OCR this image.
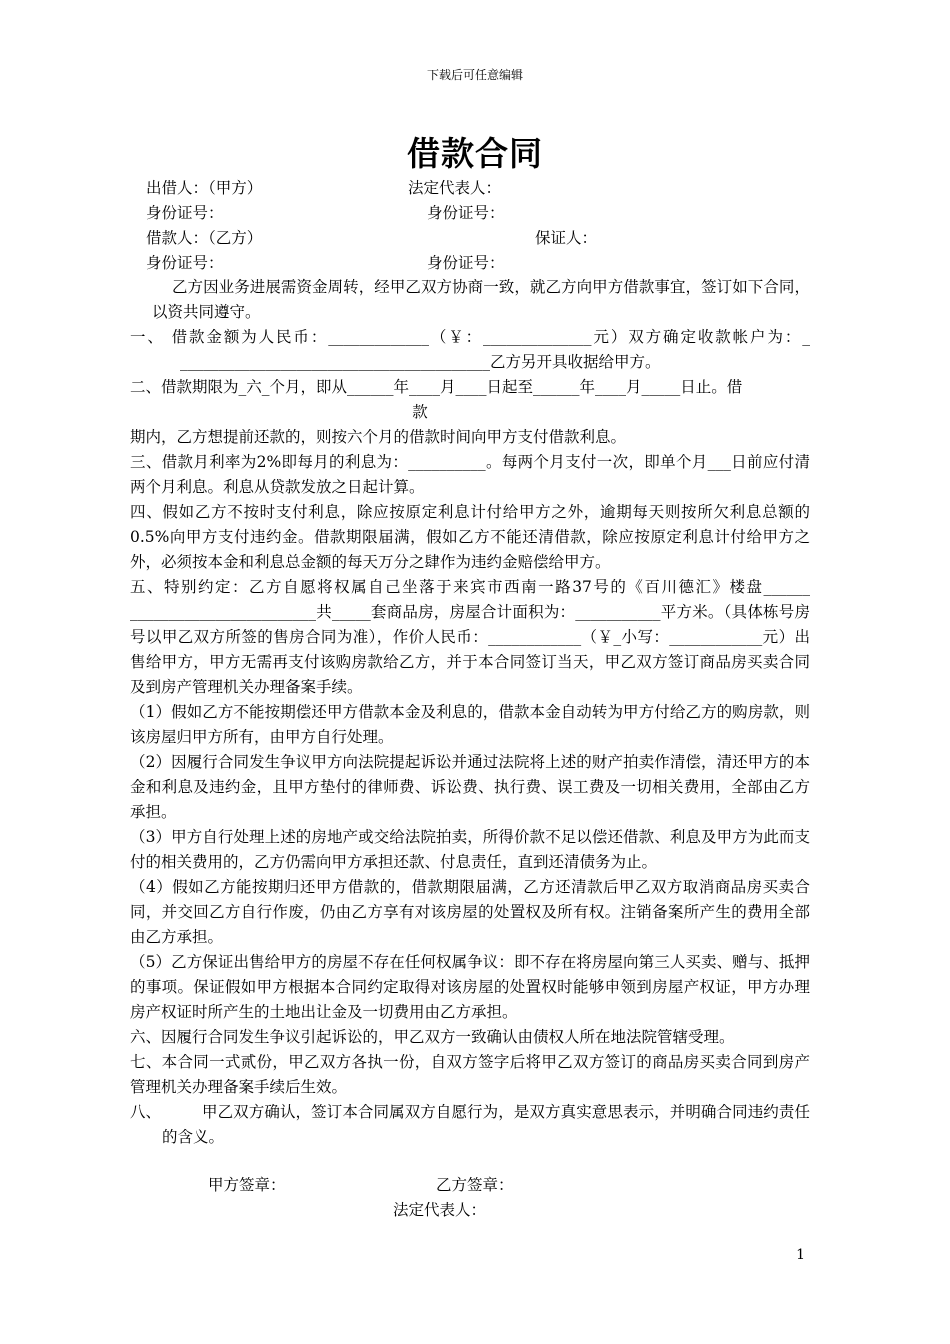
下载后可任意编辑
借款合同
出借人：（甲方）	法定代表人：
身份证号：	身份证号：
借款人：（乙方）	保证人：
身份证号：	身份证号：

乙方因业务进展需资金周转，经甲乙双方协商一致，就乙方向甲方借款事宜，签订如下合同，以资共同遵守。

一、 借款金额为人民币：_____________（￥：______________元）双方确定收款帐户为：_ ________________________________________乙方另开具收据给甲方。

二、借款期限为_六_个月，即从______年____月____日起至______年____月_____日止。借

款

期内，乙方想提前还款的，则按六个月的借款时间向甲方支付借款利息。

三、借款月利率为2%即每月的利息为：__________。每两个月支付一次，即单个月___日前应付清两个月利息。利息从贷款发放之日起计算。

四、假如乙方不按时支付利息，除应按原定利息计付给甲方之外，逾期每天则按所欠利息总额的0.5%向甲方支付违约金。借款期限届满，假如乙方不能还清借款，除应按原定利息计付给甲方之外，必须按本金和利息总金额的每天万分之肆作为违约金赔偿给甲方。

五、特别约定：乙方自愿将权属自己坐落于来宾市西南一路37号的《百川德汇》楼盘______ ________________________共_____套商品房，房屋合计面积为：___________平方米。（具体栋号房号以甲乙双方所签的售房合同为准），作价人民币：____________（￥_小写：____________元）出售给甲方，甲方无需再支付该购房款给乙方，并于本合同签订当天，甲乙双方签订商品房买卖合同及到房产管理机关办理备案手续。

（1）假如乙方不能按期偿还甲方借款本金及利息的，借款本金自动转为甲方付给乙方的购房款，则该房屋归甲方所有，由甲方自行处理。

（2）因履行合同发生争议甲方向法院提起诉讼并通过法院将上述的财产拍卖作清偿，清还甲方的本金和利息及违约金，且甲方垫付的律师费、诉讼费、执行费、误工费及一切相关费用，全部由乙方承担。

（3）甲方自行处理上述的房地产或交给法院拍卖，所得价款不足以偿还借款、利息及甲方为此而支付的相关费用的，乙方仍需向甲方承担还款、付息责任，直到还清债务为止。

（4）假如乙方能按期归还甲方借款的，借款期限届满，乙方还清款后甲乙双方取消商品房买卖合同，并交回乙方自行作废，仍由乙方享有对该房屋的处置权及所有权。注销备案所产生的费用全部由乙方承担。

（5）乙方保证出售给甲方的房屋不存在任何权属争议：即不存在将房屋向第三人买卖、赠与、抵押的事项。保证假如甲方根据本合同约定取得对该房屋的处置权时能够申领到房屋产权证，甲方办理房产权证时所产生的土地出让金及一切费用由乙方承担。

六、因履行合同发生争议引起诉讼的，甲乙双方一致确认由债权人所在地法院管辖受理。

七、本合同一式贰份，甲乙双方各执一份，自双方签字后将甲乙双方签订的商品房买卖合同到房产管理机关办理备案手续后生效。

八、	甲乙双方确认，签订本合同属双方自愿行为，是双方真实意思表示，并明确合同违约责任的含义。

甲方签章：	乙方签章：
法定代表人：
1
